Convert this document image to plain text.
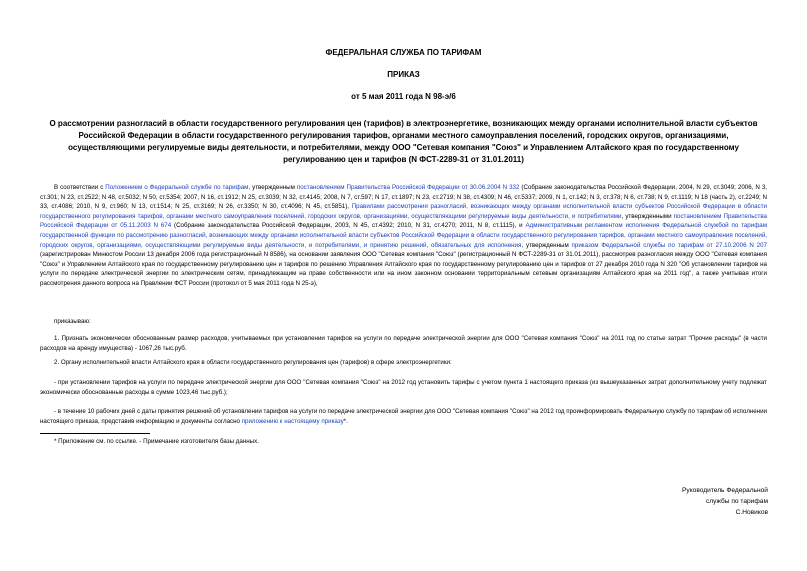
ФЕДЕРАЛЬНАЯ СЛУЖБА ПО ТАРИФАМ
ПРИКАЗ
от 5 мая 2011 года N 98-э/6
О рассмотрении разногласий в области государственного регулирования цен (тарифов) в электроэнергетике, возникающих между органами исполнительной власти субъектов Российской Федерации в области государственного регулирования тарифов, органами местного самоуправления поселений, городских округов, организациями, осуществляющими регулируемые виды деятельности, и потребителями, между ООО "Сетевая компания "Союз" и Управлением Алтайского края по государственному регулированию цен и тарифов (N ФСТ-2289-31 от 31.01.2011)
В соответствии с Положением о Федеральной службе по тарифам, утвержденным постановлением Правительства Российской Федерации от 30.06.2004 N 332 (Собрание законодательства Российской Федерации, 2004, N 29, ст.3049; 2006, N 3, ст.301; N 23, ст.2522; N 48, ст.5032; N 50, ст.5354; 2007, N 16, ст.1912; N 25, ст.3039; N 32, ст.4145; 2008, N 7, ст.597; N 17, ст.1897; N 23, ст.2719; N 38, ст.4309; N 46, ст.5337; 2009, N 1, ст.142; N 3, ст.378; N 6, ст.738; N 9, ст.1119; N 18 (часть 2), ст.2249; N 33, ст.4086; 2010, N 9, ст.960; N 13, ст.1514; N 25, ст.3169; N 26, ст.3350; N 30, ст.4096; N 45, ст.5851), Правилами рассмотрения разногласий, возникающих между органами исполнительной власти субъектов Российской Федерации в области государственного регулирования тарифов, органами местного самоуправления поселений, городских округов, организациями, осуществляющими регулируемые виды деятельности, и потребителями, утвержденными постановлением Правительства Российской Федерации от 05.11.2003 N 674 (Собрание законодательства Российской Федерации, 2003, N 45, ст.4392; 2010, N 31, ст.4270; 2011, N 8, ст.1115), и Административным регламентом исполнения Федеральной службой по тарифам государственной функции по рассмотрению разногласий, возникающих между органами исполнительной власти субъектов Российской Федерации в области государственного регулирования тарифов, органами местного самоуправления поселений, городских округов, организациями, осуществляющими регулируемые виды деятельности, и потребителями, и принятию решений, обязательных для исполнения, утвержденным приказом Федеральной службы по тарифам от 27.10.2006 N 207 (зарегистрирован Минюстом России 13 декабря 2006 года регистрационный N 8586), на основании заявления ООО "Сетевая компания "Союз" (регистрационный N ФСТ-2289-31 от 31.01.2011), рассмотрев разногласия между ООО "Сетевая компания "Союз" и Управлением Алтайского края по государственному регулированию цен и тарифов по решению Управления Алтайского края по государственному регулированию цен и тарифов от 27 декабря 2010 года N 320 "Об установлении тарифов на услуги по передаче электрической энергии по электрическим сетям, принадлежащим на праве собственности или на ином законном основании территориальным сетевым организациям Алтайского края на 2011 год", а также учитывая итоги рассмотрения данного вопроса на Правлении ФСТ России (протокол от 5 мая 2011 года N 25-э),
приказываю:
1. Признать экономически обоснованным размер расходов, учитываемых при установлении тарифов на услуги по передаче электрической энергии для ООО "Сетевая компания "Союз" на 2011 год по статье затрат "Прочие расходы" (в части расходов на аренду имущества) - 1067,26 тыс.руб.
2. Органу исполнительной власти Алтайского края в области государственного регулирования цен (тарифов) в сфере электроэнергетики:
- при установлении тарифов на услуги по передаче электрической энергии для ООО "Сетевая компания "Союз" на 2012 год установить тарифы с учетом пункта 1 настоящего приказа (из вышеуказанных затрат дополнительному учету подлежат экономически обоснованные расходы в сумме 1023,46 тыс.руб.);
- в течение 10 рабочих дней с даты принятия решений об установлении тарифов на услуги по передаче электрической энергии для ООО "Сетевая компания "Союз" на 2012 год проинформировать Федеральную службу по тарифам об исполнении настоящего приказа, представив информацию и документы согласно приложению к настоящему приказу*.
* Приложение см. по ссылке. - Примечание изготовителя базы данных.
Руководитель Федеральной
службы по тарифам
С.Новиков
